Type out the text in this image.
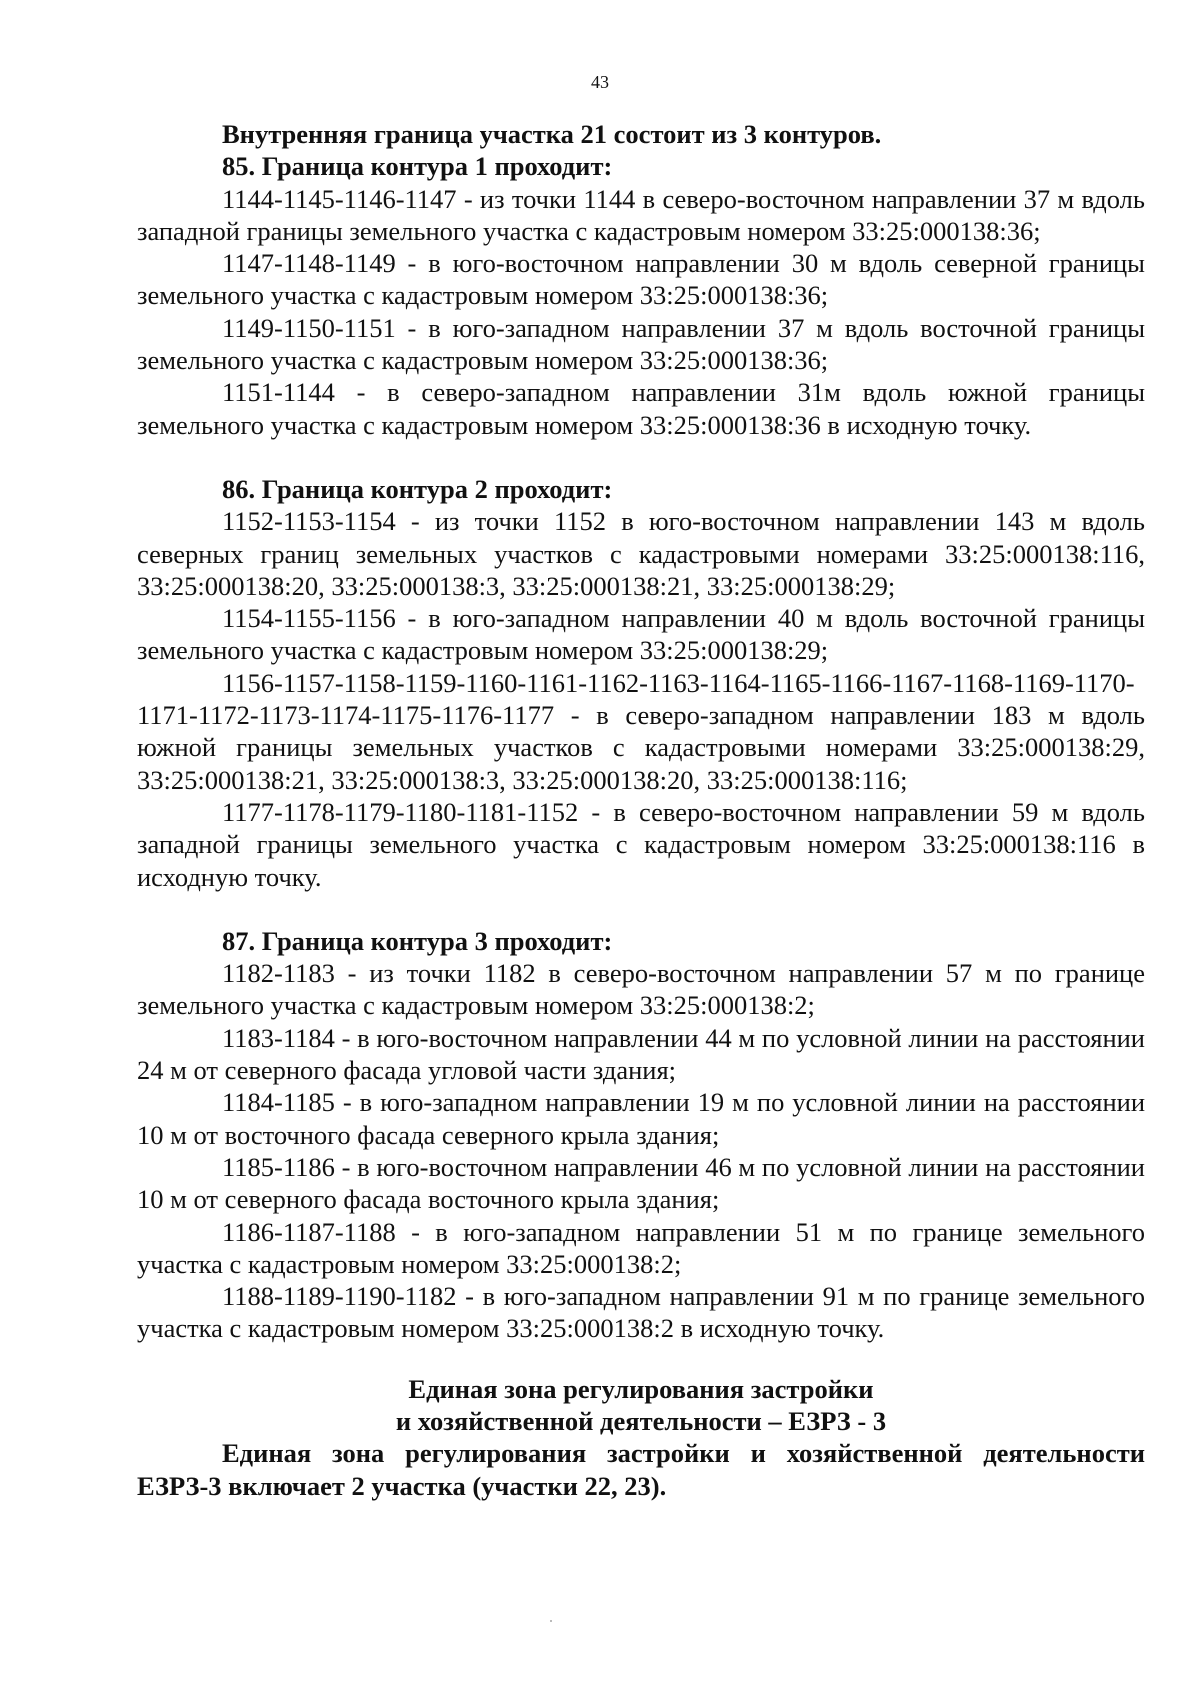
43

Внутренняя граница участка 21 состоит из 3 контуров.

85. Граница контура 1 проходит:

1144-1145-1146-1147 - из точки 1144 в северо-восточном направлении 37 м вдоль западной границы земельного участка с кадастровым номером 33:25:000138:36;

1147-1148-1149 - в юго-восточном направлении 30 м вдоль северной границы земельного участка с кадастровым номером 33:25:000138:36;

1149-1150-1151 - в юго-западном направлении 37 м вдоль восточной границы земельного участка с кадастровым номером 33:25:000138:36;

1151-1144 - в северо-западном направлении 31м вдоль южной границы земельного участка с кадастровым номером 33:25:000138:36 в исходную точку.

86. Граница контура 2 проходит:

1152-1153-1154 - из точки 1152 в юго-восточном направлении 143 м вдоль северных границ земельных участков с кадастровыми номерами 33:25:000138:116, 33:25:000138:20, 33:25:000138:3, 33:25:000138:21, 33:25:000138:29;

1154-1155-1156 - в юго-западном направлении 40 м вдоль восточной границы земельного участка с кадастровым номером 33:25:000138:29;

1156-1157-1158-1159-1160-1161-1162-1163-1164-1165-1166-1167-1168-1169-1170-1171-1172-1173-1174-1175-1176-1177 - в северо-западном направлении 183 м вдоль южной границы земельных участков с кадастровыми номерами 33:25:000138:29, 33:25:000138:21, 33:25:000138:3, 33:25:000138:20, 33:25:000138:116;

1177-1178-1179-1180-1181-1152 - в северо-восточном направлении 59 м вдоль западной границы земельного участка с кадастровым номером 33:25:000138:116 в исходную точку.

87. Граница контура 3 проходит:

1182-1183 - из точки 1182 в северо-восточном направлении 57 м по границе земельного участка с кадастровым номером 33:25:000138:2;

1183-1184 - в юго-восточном направлении 44 м по условной линии на расстоянии 24 м от северного фасада угловой части здания;

1184-1185 - в юго-западном направлении 19 м по условной линии на расстоянии 10 м от восточного фасада северного крыла здания;

1185-1186 - в юго-восточном направлении 46 м по условной линии на расстоянии 10 м от северного фасада восточного крыла здания;

1186-1187-1188 - в юго-западном направлении 51 м по границе земельного участка с кадастровым номером 33:25:000138:2;

1188-1189-1190-1182 - в юго-западном направлении 91 м по границе земельного участка с кадастровым номером 33:25:000138:2 в исходную точку.

Единая зона регулирования застройки

и хозяйственной деятельности – ЕЗРЗ - 3

Единая зона регулирования застройки и хозяйственной деятельности ЕЗРЗ-3 включает 2 участка (участки 22, 23).
